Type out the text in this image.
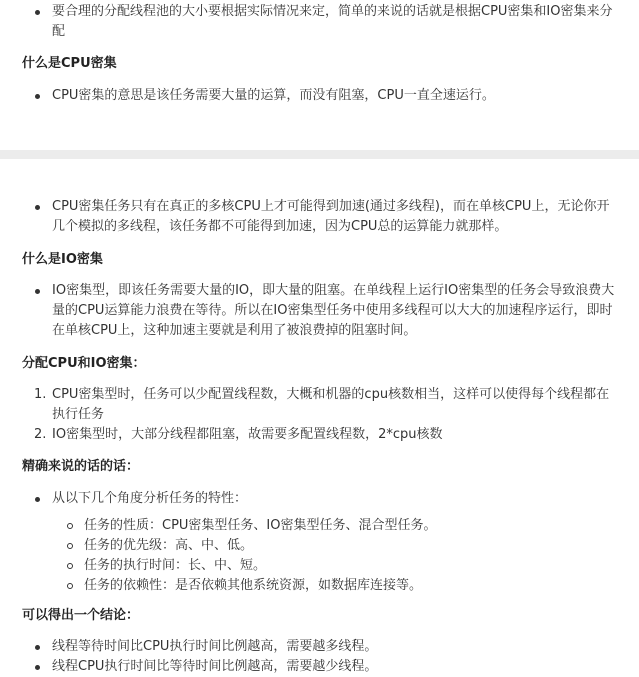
要合理的分配线程池的大小要根据实际情况来定，简单的来说的话就是根据CPU密集和IO密集来分配
什么是CPU密集
CPU密集的意思是该任务需要大量的运算，而没有阻塞，CPU一直全速运行。
CPU密集任务只有在真正的多核CPU上才可能得到加速(通过多线程)，而在单核CPU上，无论你开几个模拟的多线程，该任务都不可能得到加速，因为CPU总的运算能力就那样。
什么是IO密集
IO密集型，即该任务需要大量的IO，即大量的阻塞。在单线程上运行IO密集型的任务会导致浪费大量的CPU运算能力浪费在等待。所以在IO密集型任务中使用多线程可以大大的加速程序运行，即时在单核CPU上，这种加速主要就是利用了被浪费掉的阻塞时间。
分配CPU和IO密集：
1. CPU密集型时，任务可以少配置线程数，大概和机器的cpu核数相当，这样可以使得每个线程都在执行任务
2. IO密集型时，大部分线程都阻塞，故需要多配置线程数，2*cpu核数
精确来说的话的话：
从以下几个角度分析任务的特性：
任务的性质：CPU密集型任务、IO密集型任务、混合型任务。
任务的优先级：高、中、低。
任务的执行时间：长、中、短。
任务的依赖性：是否依赖其他系统资源，如数据库连接等。
可以得出一个结论：
线程等待时间比CPU执行时间比例越高，需要越多线程。
线程CPU执行时间比等待时间比例越高，需要越少线程。
